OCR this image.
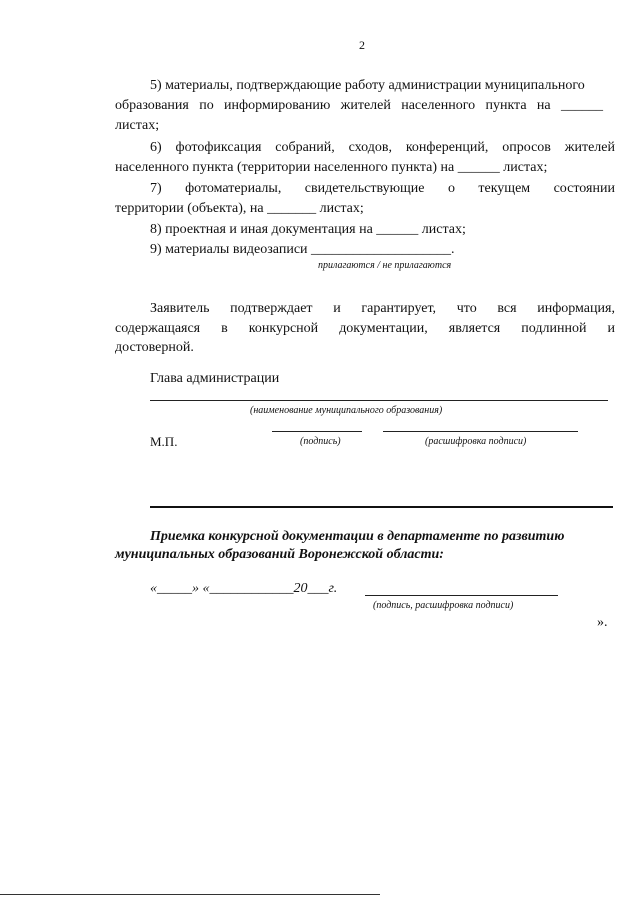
2
5) материалы, подтверждающие работу администрации муниципального
образования по информированию жителей населенного пункта на ______
листах;
6) фотофиксация собраний, сходов, конференций, опросов жителей
населенного пункта (территории населенного пункта) на ______ листах;
7) фотоматериалы, свидетельствующие о текущем состоянии
территории (объекта), на _______ листах;
8) проектная и иная документация на ______ листах;
9) материалы видеозаписи ____________________.
прилагаются / не прилагаются
Заявитель подтверждает и гарантирует, что вся информация,
содержащаяся в конкурсной документации, является подлинной и
достоверной.
Глава администрации
(наименование муниципального образования)
М.П.	(подпись)	(расшифровка подписи)
Приемка конкурсной документации в департаменте по развитию
муниципальных образований Воронежской области:
«_____» «____________20___г.
(подпись, расшифровка подписи)
».
